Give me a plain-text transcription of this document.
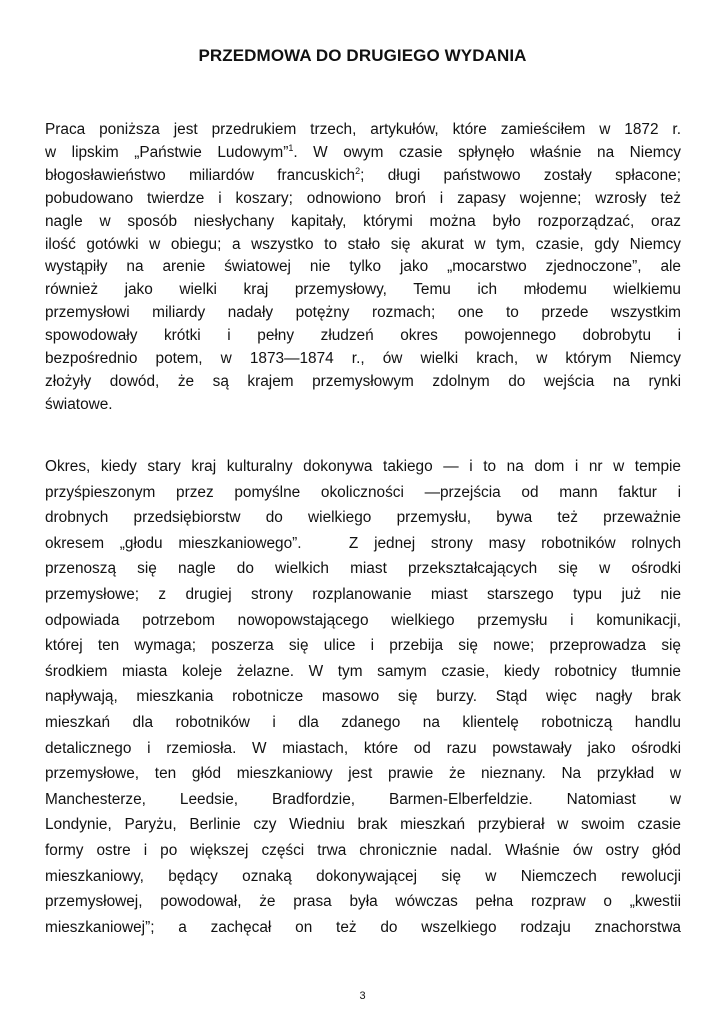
PRZEDMOWA DO DRUGIEGO WYDANIA
Praca poniższa jest przedrukiem trzech, artykułów, które zamieściłem w 1872 r.
w lipskim „Państwie Ludowym”$^1$. W owym czasie spłynęło właśnie na Niemcy
błogosławieństwo miliardów francuskich$^2$; długi państwowo zostały spłacone;
pobudowano twierdze i koszary; odnowiono broń i zapasy wojenne; wzrosły też
nagle w sposób niesłychany kapitały, którymi można było rozporządzać, oraz
ilość gotówki w obiegu; a wszystko to stało się akurat w tym, czasie, gdy Niemcy
wystąpiły na arenie światowej nie tylko jako „mocarstwo zjednoczone”, ale
również jako wielki kraj przemysłowy, Temu ich młodemu wielkiemu
przemysłowi miliardy nadały potężny rozmach; one to przede wszystkim
spowodowały krótki i pełny złudzeń okres powojennego dobrobytu i
bezpośrednio potem, w 1873—1874 r., ów wielki krach, w którym Niemcy
złożyły dowód, że są krajem przemysłowym zdolnym do wejścia na rynki
światowe.
Okres, kiedy stary kraj kulturalny dokonywa takiego — i to na dom i nr w tempie
przyśpieszonym przez pomyślne okoliczności —przejścia od mann faktur i
drobnych przedsiębiorstw do wielkiego przemysłu, bywa też przeważnie
okresem „głodu mieszkaniowego”.   Z jednej strony masy robotników rolnych
przenoszą się nagle do wielkich miast przekształcających się w ośrodki
przemysłowe; z drugiej strony rozplanowanie miast starszego typu już nie
odpowiada potrzebom nowopowstającego wielkiego przemysłu i komunikacji,
której ten wymaga; poszerza się ulice i przebija się nowe; przeprowadza się
środkiem miasta koleje żelazne. W tym samym czasie, kiedy robotnicy tłumnie
napływają, mieszkania robotnicze masowo się burzy. Stąd więc nagły brak
mieszkań dla robotników i dla zdanego na klientelę robotniczą handlu
detalicznego i rzemiosła. W miastach, które od razu powstawały jako ośrodki
przemysłowe, ten głód mieszkaniowy jest prawie że nieznany. Na przykład w
Manchesterze, Leedsie, Bradfordzie, Barmen-Elberfeldzie. Natomiast w
Londynie, Paryżu, Berlinie czy Wiedniu brak mieszkań przybierał w swoim czasie
formy ostre i po większej części trwa chronicznie nadal. Właśnie ów ostry głód
mieszkaniowy, będący oznaką dokonywającej się w Niemczech rewolucji
przemysłowej, powodował, że prasa była wówczas pełna rozpraw o „kwestii
mieszkaniowej”; a zachęcał on też do wszelkiego rodzaju znachorstwa
3
